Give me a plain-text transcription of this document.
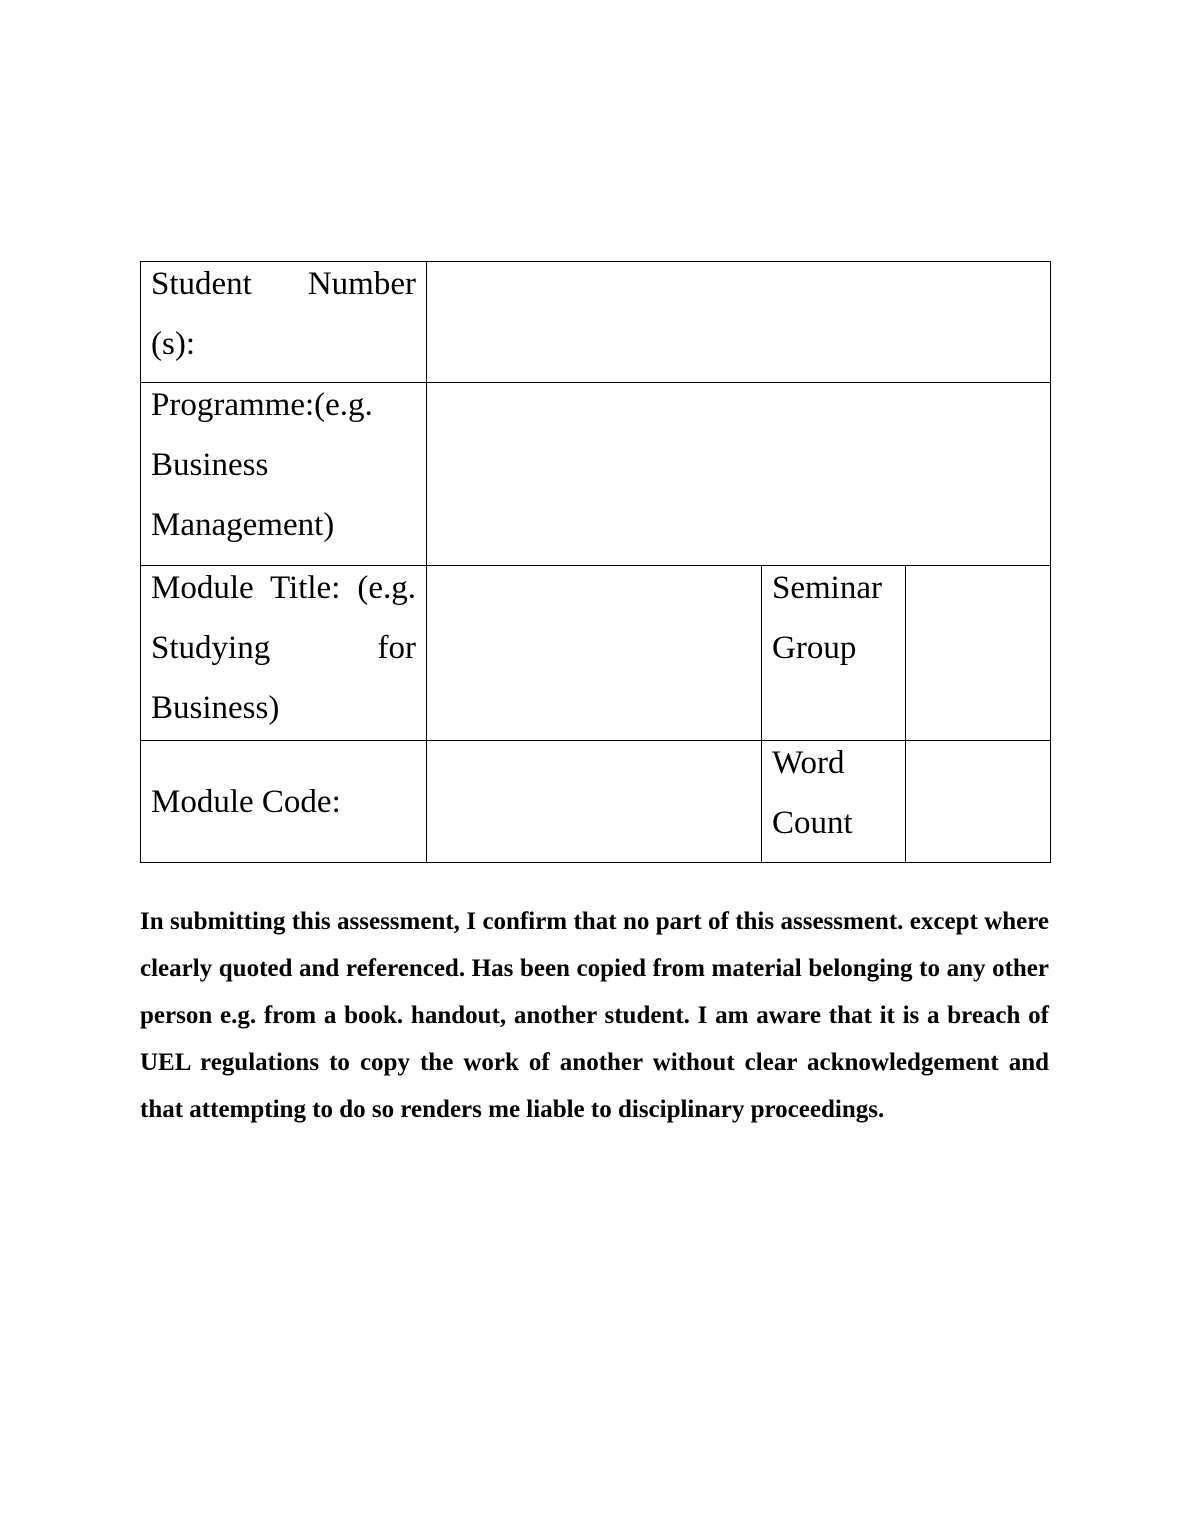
Student Number (s):			

Programme:(e.g. Business Management)			

Module Title: (e.g. Studying for Business)		Seminar Group	

Module Code:		Word Count	

In submitting this assessment, I confirm that no part of this assessment. except where clearly quoted and referenced. Has been copied from material belonging to any other person e.g. from a book. handout, another student. I am aware that it is a breach of UEL regulations to copy the work of another without clear acknowledgement and that attempting to do so renders me liable to disciplinary proceedings.
